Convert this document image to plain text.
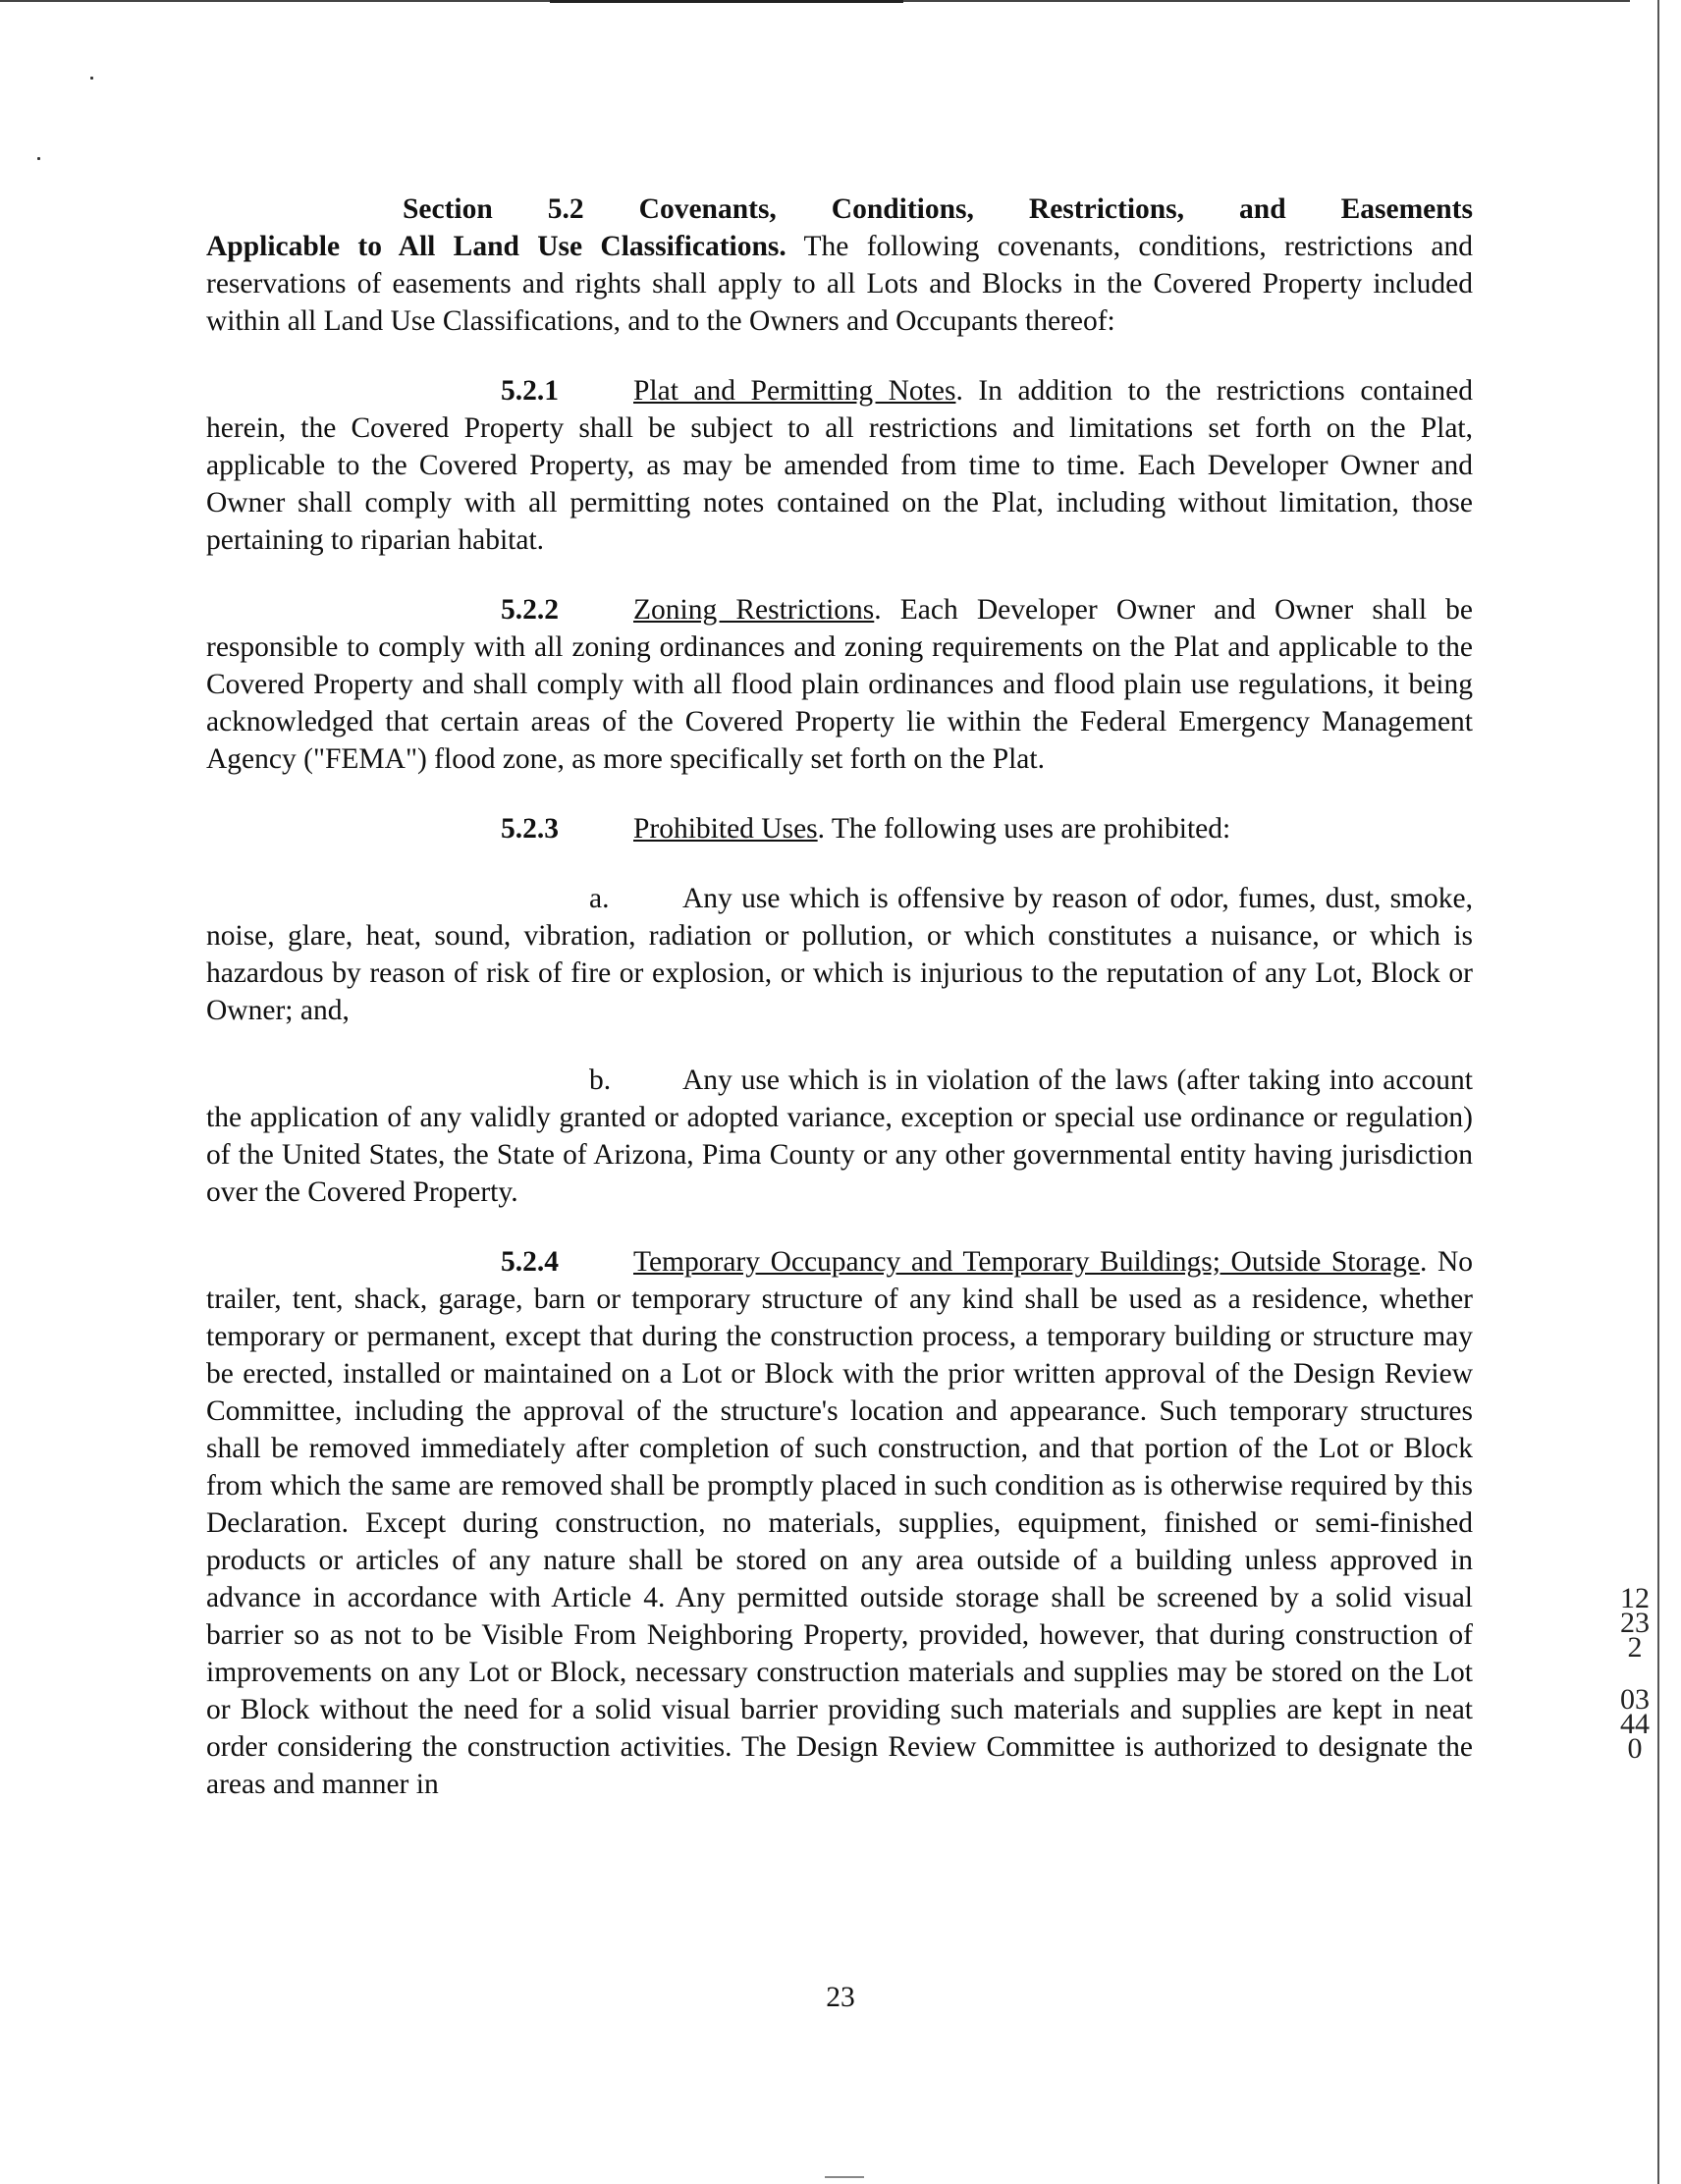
Section 5.2 Covenants, Conditions, Restrictions, and Easements
Applicable to All Land Use Classifications. The following covenants, conditions, restrictions and reservations of easements and rights shall apply to all Lots and Blocks in the Covered Property included within all Land Use Classifications, and to the Owners and Occupants thereof:

5.2.1	Plat and Permitting Notes. In addition to the restrictions contained herein, the Covered Property shall be subject to all restrictions and limitations set forth on the Plat, applicable to the Covered Property, as may be amended from time to time. Each Developer Owner and Owner shall comply with all permitting notes contained on the Plat, including without limitation, those pertaining to riparian habitat.

5.2.2	Zoning Restrictions. Each Developer Owner and Owner shall be responsible to comply with all zoning ordinances and zoning requirements on the Plat and applicable to the Covered Property and shall comply with all flood plain ordinances and flood plain use regulations, it being acknowledged that certain areas of the Covered Property lie within the Federal Emergency Management Agency ("FEMA") flood zone, as more specifically set forth on the Plat.

5.2.3	Prohibited Uses. The following uses are prohibited:

a.	Any use which is offensive by reason of odor, fumes, dust, smoke, noise, glare, heat, sound, vibration, radiation or pollution, or which constitutes a nuisance, or which is hazardous by reason of risk of fire or explosion, or which is injurious to the reputation of any Lot, Block or Owner; and,

b. Any use which is in violation of the laws (after taking into account the application of any validly granted or adopted variance, exception or special use ordinance or regulation) of the United States, the State of Arizona, Pima County or any other governmental entity having jurisdiction over the Covered Property.

5.2.4	Temporary Occupancy and Temporary Buildings; Outside Storage. No trailer, tent, shack, garage, barn or temporary structure of any kind shall be used as a residence, whether temporary or permanent, except that during the construction process, a temporary building or structure may be erected, installed or maintained on a Lot or Block with the prior written approval of the Design Review Committee, including the approval of the structure's location and appearance. Such temporary structures shall be removed immediately after completion of such construction, and that portion of the Lot or Block from which the same are removed shall be promptly placed in such condition as is otherwise required by this Declaration. Except during construction, no materials, supplies, equipment, finished or semi-finished products or articles of any nature shall be stored on any area outside of a building unless approved in advance in accordance with Article 4. Any permitted outside storage shall be screened by a solid visual barrier so as not to be Visible From Neighboring Property, provided, however, that during construction of improvements on any Lot or Block, necessary construction materials and supplies may be stored on the Lot or Block without the need for a solid visual barrier providing such materials and supplies are kept in neat order considering the construction activities. The Design Review Committee is authorized to designate the areas and manner in

23
12232
03440
